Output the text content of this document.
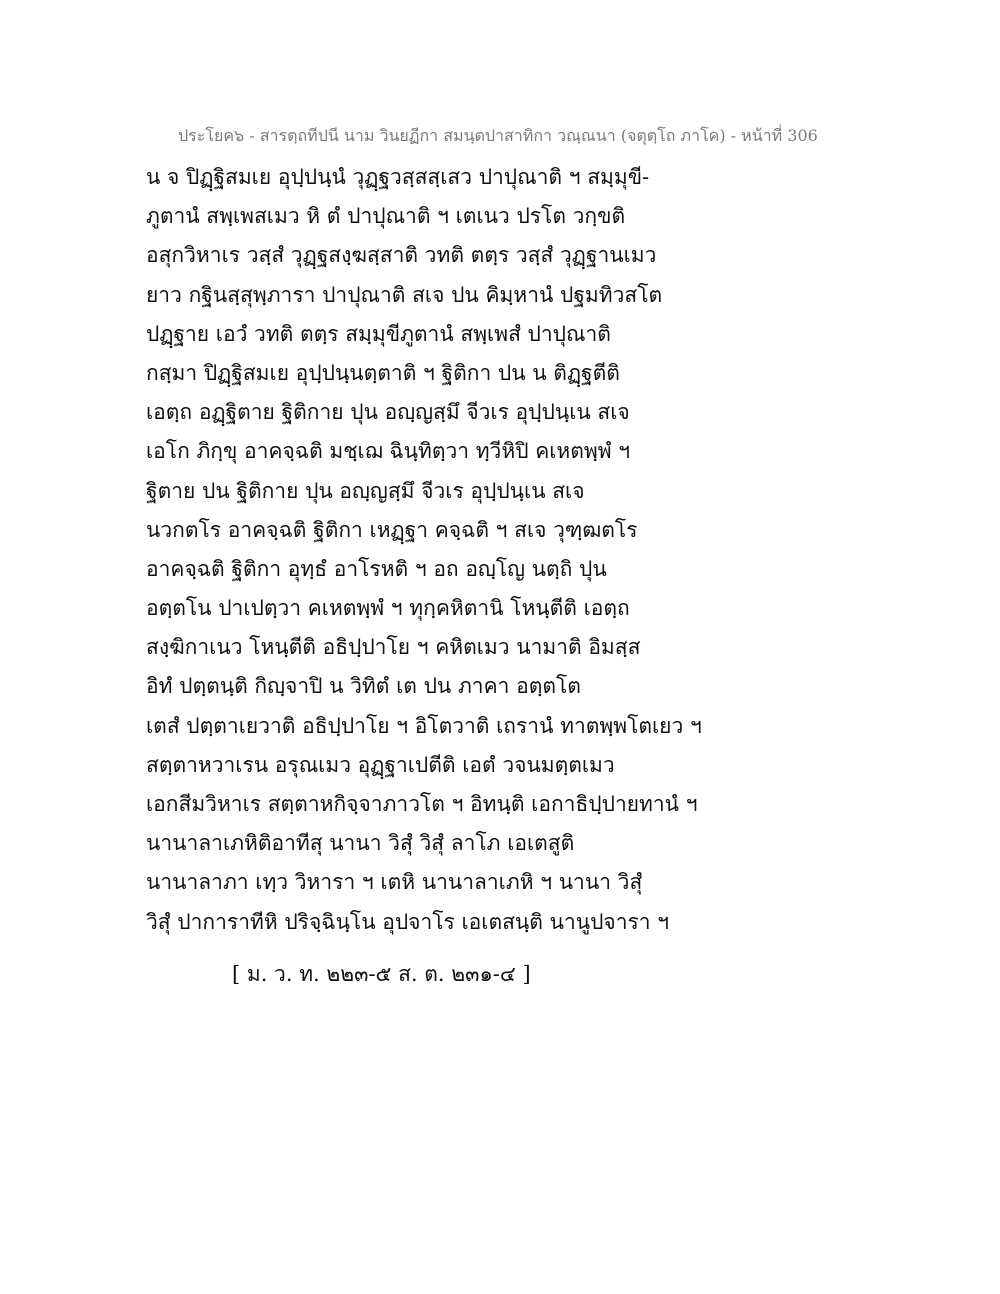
ประโยค๖ - สารตฺถทีปนี นาม วินยฏีกา สมนฺตปาสาทิกา วณฺณนา (จตุตฺโถ ภาโค) - หน้าที่ 306
น จ ปิฏฺฐิสมเย อุปฺปนฺนํ วุฏฺฐวสฺสสฺเสว ปาปุณาติ ฯ สมฺมุขี-
ภูตานํ สพฺเพสเมว หิ ตํ ปาปุณาติ ฯ เตเนว ปรโต วกฺขติ
อสุกวิหาเร วสฺสํ วุฏฺฐสงฺฆสฺสาติ วทติ ตตฺร วสฺสํ วุฏฺฐานเมว
ยาว กฐินสฺสุพฺภารา ปาปุณาติ สเจ ปน คิมฺหานํ ปฐมทิวสโต
ปฏฺฐาย เอวํ วทติ ตตฺร สมฺมุขีภูตานํ สพฺเพสํ ปาปุณาติ
กสฺมา ปิฏฺฐิสมเย อุปฺปนฺนตฺตาติ ฯ ฐิติกา ปน น ติฏฺฐตีติ
เอตฺถ อฏฺฐิตาย ฐิติกาย ปุน อญฺญสฺมึ จีวเร อุปฺปนฺเน สเจ
เอโก ภิกฺขุ อาคจฺฉติ มชฺเฌ ฉินฺทิตฺวา ทฺวีหิปิ คเหตพฺพํ ฯ
ฐิตาย ปน ฐิติกาย ปุน อญฺญสฺมึ จีวเร อุปฺปนฺเน สเจ
นวกตโร อาคจฺฉติ ฐิติกา เหฏฺฐา คจฺฉติ ฯ สเจ วุฑฺฒตโร
อาคจฺฉติ ฐิติกา อุทฺธํ อาโรหติ ฯ อถ อญฺโญ นตฺถิ ปุน
อตฺตโน ปาเปตฺวา คเหตพฺพํ ฯ ทุกฺคหิตานิ โหนฺตีติ เอตฺถ
สงฺฆิกาเนว โหนฺตีติ อธิปฺปาโย ฯ คหิตเมว นามาติ อิมสฺส
อิทํ ปตฺตนฺติ กิญฺจาปิ น วิทิตํ เต ปน ภาคา อตฺตโต
เตสํ ปตฺตาเยวาติ อธิปฺปาโย ฯ อิโตวาติ เถรานํ ทาตพฺพโตเยว ฯ
สตฺตาหวาเรน อรุณเมว อุฏฺฐาเปตีติ เอตํ วจนมตฺตเมว
เอกสีมวิหาเร สตฺตาหกิจฺจาภาวโต ฯ อิทนฺติ เอกาธิปฺปายทานํ ฯ
นานาลาเภหิติอาทีสุ นานา วิสุํ วิสุํ ลาโภ เอเตสูติ
นานาลาภา เทฺว วิหารา ฯ เตหิ นานาลาเภหิ ฯ นานา วิสุํ
วิสุํ ปาการาทีหิ ปริจฺฉินฺโน อุปจาโร เอเตสนฺติ นานูปจารา ฯ
[ ม. ว. ท. ๒๒๓-๕ ส. ต. ๒๓๑-๔ ]
